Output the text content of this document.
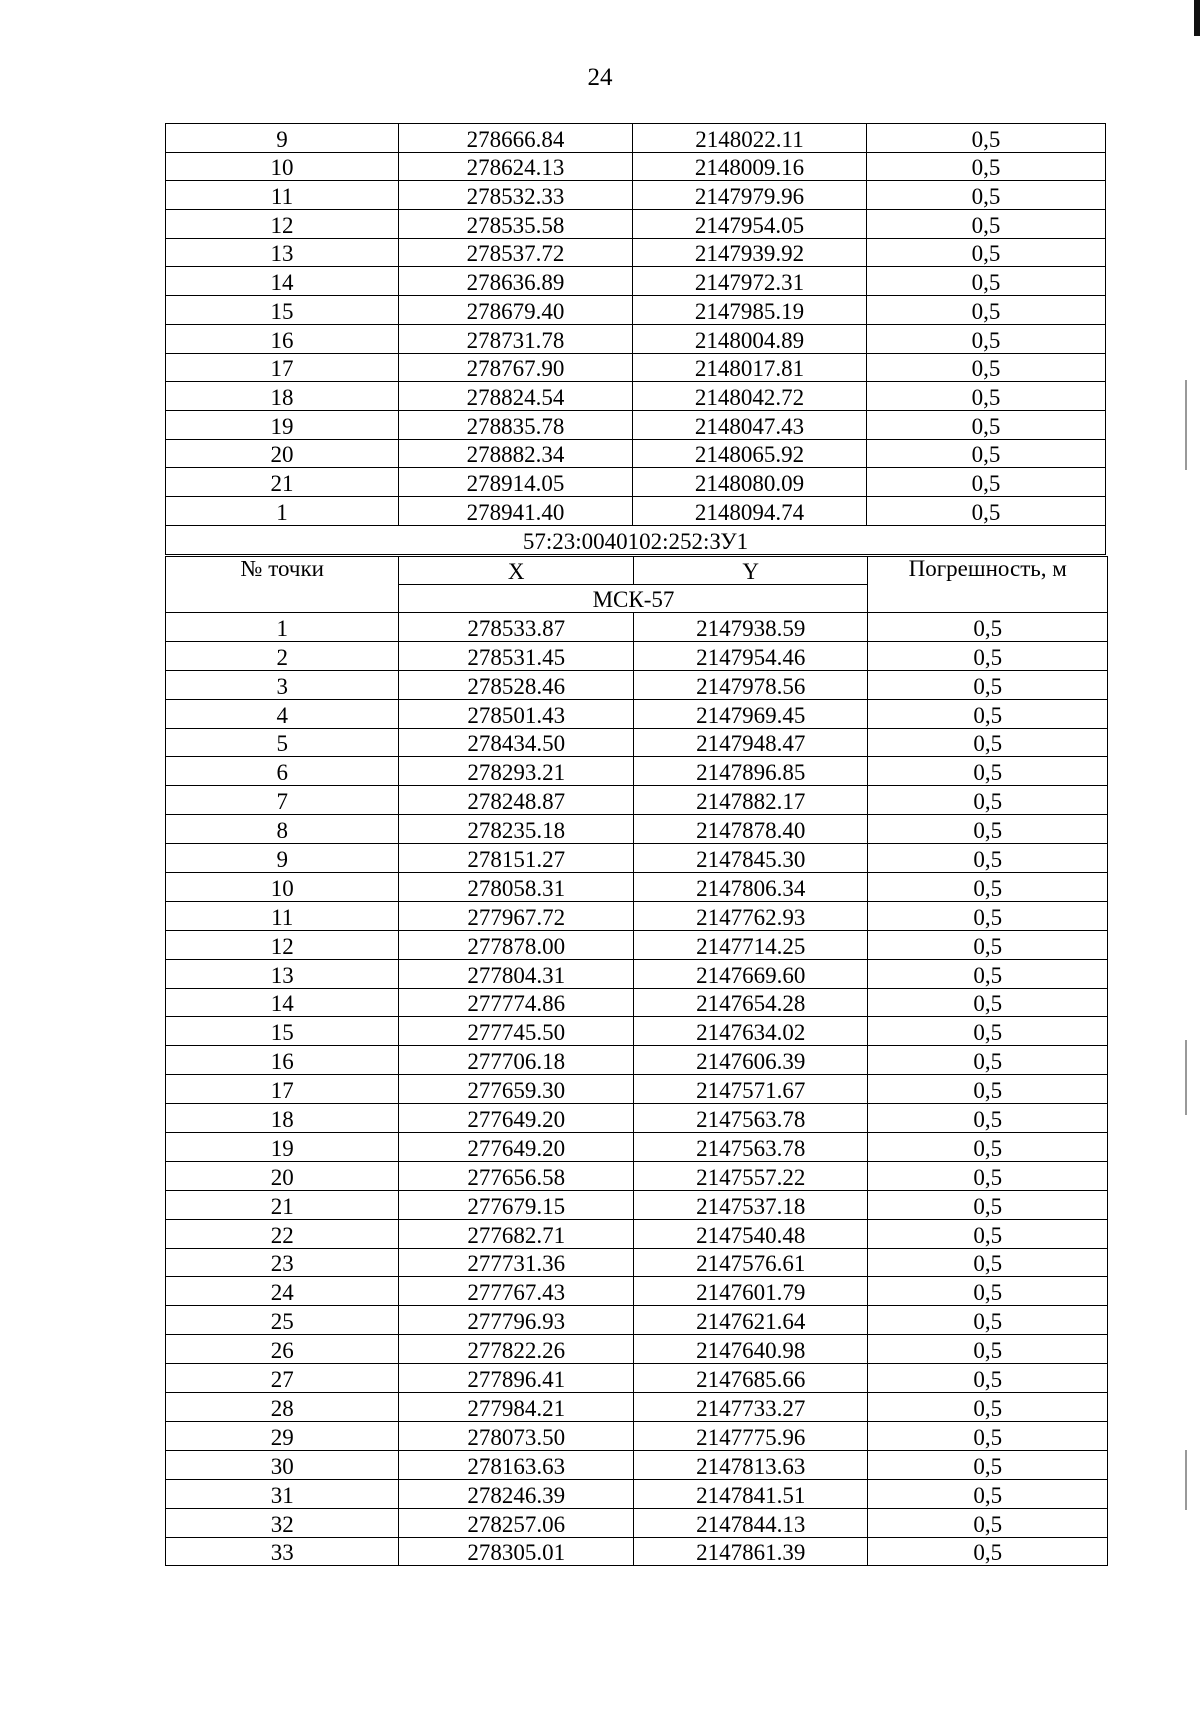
24
9	278666.84	2148022.11	0,5
10	278624.13	2148009.16	0,5
11	278532.33	2147979.96	0,5
12	278535.58	2147954.05	0,5
13	278537.72	2147939.92	0,5
14	278636.89	2147972.31	0,5
15	278679.40	2147985.19	0,5
16	278731.78	2148004.89	0,5
17	278767.90	2148017.81	0,5
18	278824.54	2148042.72	0,5
19	278835.78	2148047.43	0,5
20	278882.34	2148065.92	0,5
21	278914.05	2148080.09	0,5
1	278941.40	2148094.74	0,5
57:23:0040102:252:ЗУ1			
№ точки	X	Y	Погрешность, м
	МСК-57		
1	278533.87	2147938.59	0,5
2	278531.45	2147954.46	0,5
3	278528.46	2147978.56	0,5
4	278501.43	2147969.45	0,5
5	278434.50	2147948.47	0,5
6	278293.21	2147896.85	0,5
7	278248.87	2147882.17	0,5
8	278235.18	2147878.40	0,5
9	278151.27	2147845.30	0,5
10	278058.31	2147806.34	0,5
11	277967.72	2147762.93	0,5
12	277878.00	2147714.25	0,5
13	277804.31	2147669.60	0,5
14	277774.86	2147654.28	0,5
15	277745.50	2147634.02	0,5
16	277706.18	2147606.39	0,5
17	277659.30	2147571.67	0,5
18	277649.20	2147563.78	0,5
19	277649.20	2147563.78	0,5
20	277656.58	2147557.22	0,5
21	277679.15	2147537.18	0,5
22	277682.71	2147540.48	0,5
23	277731.36	2147576.61	0,5
24	277767.43	2147601.79	0,5
25	277796.93	2147621.64	0,5
26	277822.26	2147640.98	0,5
27	277896.41	2147685.66	0,5
28	277984.21	2147733.27	0,5
29	278073.50	2147775.96	0,5
30	278163.63	2147813.63	0,5
31	278246.39	2147841.51	0,5
32	278257.06	2147844.13	0,5
33	278305.01	2147861.39	0,5
